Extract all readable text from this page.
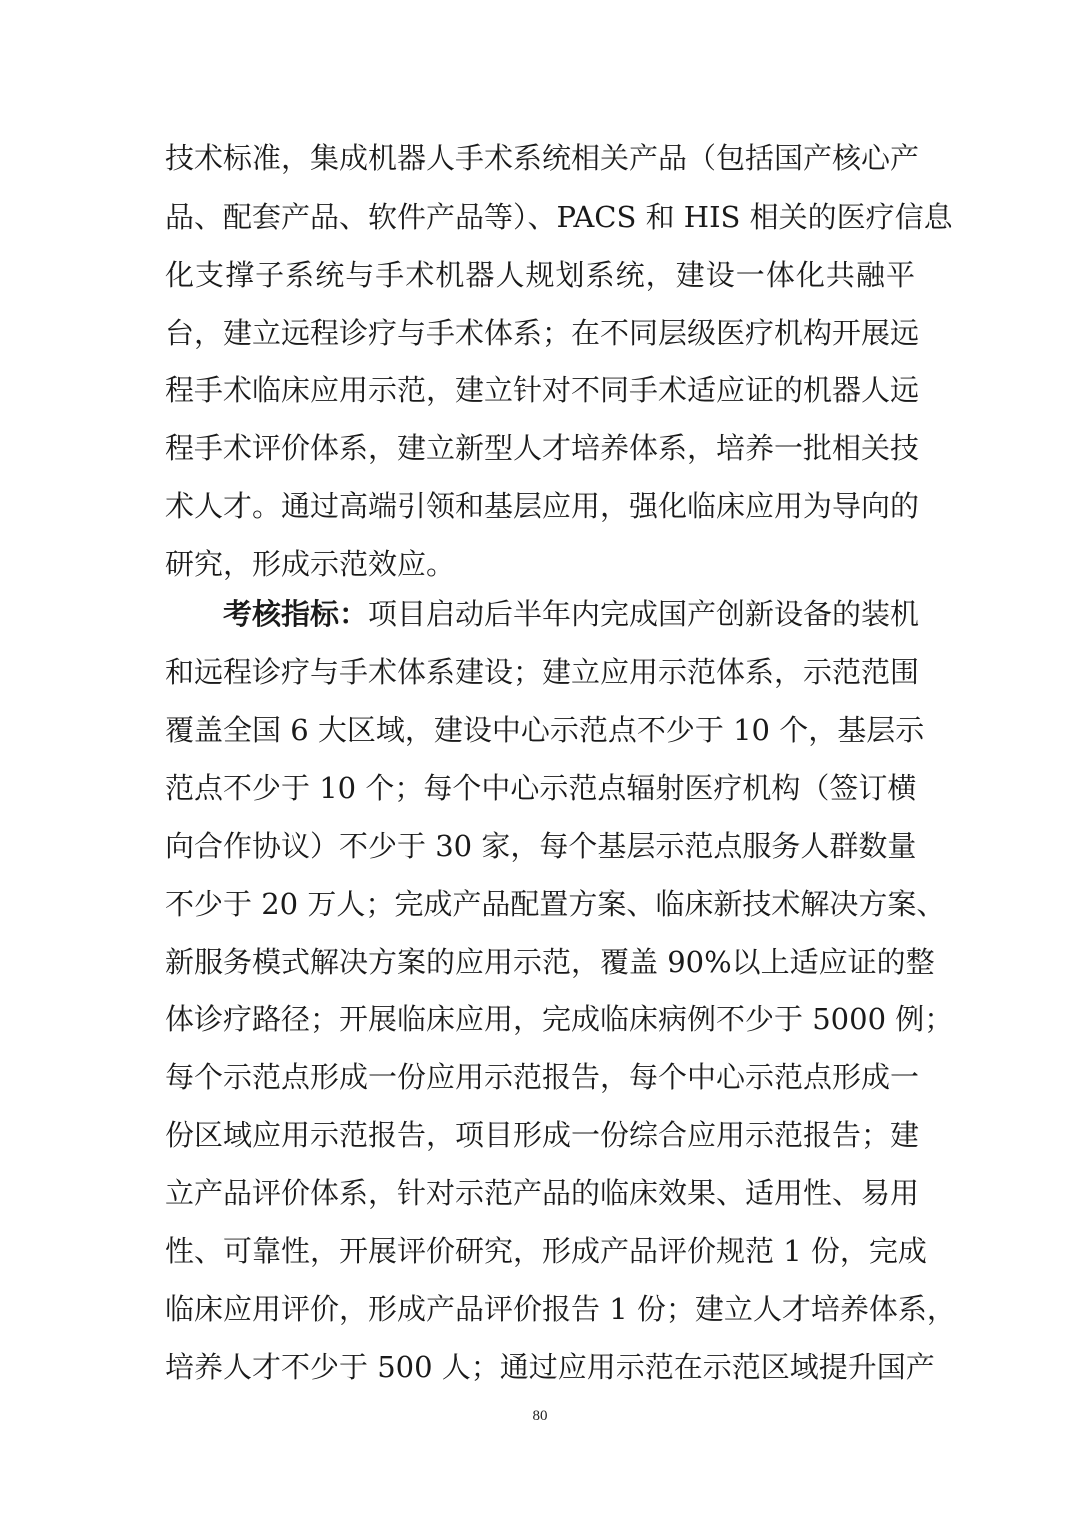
技术标准，集成机器人手术系统相关产品（包括国产核心产
品、配套产品、软件产品等）、PACS 和 HIS 相关的医疗信息
化支撑子系统与手术机器人规划系统，建设一体化共融平
台，建立远程诊疗与手术体系；在不同层级医疗机构开展远
程手术临床应用示范，建立针对不同手术适应证的机器人远
程手术评价体系，建立新型人才培养体系，培养一批相关技
术人才。通过高端引领和基层应用，强化临床应用为导向的
研究，形成示范效应。
考核指标：项目启动后半年内完成国产创新设备的装机
和远程诊疗与手术体系建设；建立应用示范体系，示范范围
覆盖全国 6 大区域，建设中心示范点不少于 10 个，基层示
范点不少于 10 个；每个中心示范点辐射医疗机构（签订横
向合作协议）不少于 30 家，每个基层示范点服务人群数量
不少于 20 万人；完成产品配置方案、临床新技术解决方案、
新服务模式解决方案的应用示范，覆盖 90%以上适应证的整
体诊疗路径；开展临床应用，完成临床病例不少于 5000 例；
每个示范点形成一份应用示范报告，每个中心示范点形成一
份区域应用示范报告，项目形成一份综合应用示范报告；建
立产品评价体系，针对示范产品的临床效果、适用性、易用
性、可靠性，开展评价研究，形成产品评价规范 1 份，完成
临床应用评价，形成产品评价报告 1 份；建立人才培养体系，
培养人才不少于 500 人；通过应用示范在示范区域提升国产
80
